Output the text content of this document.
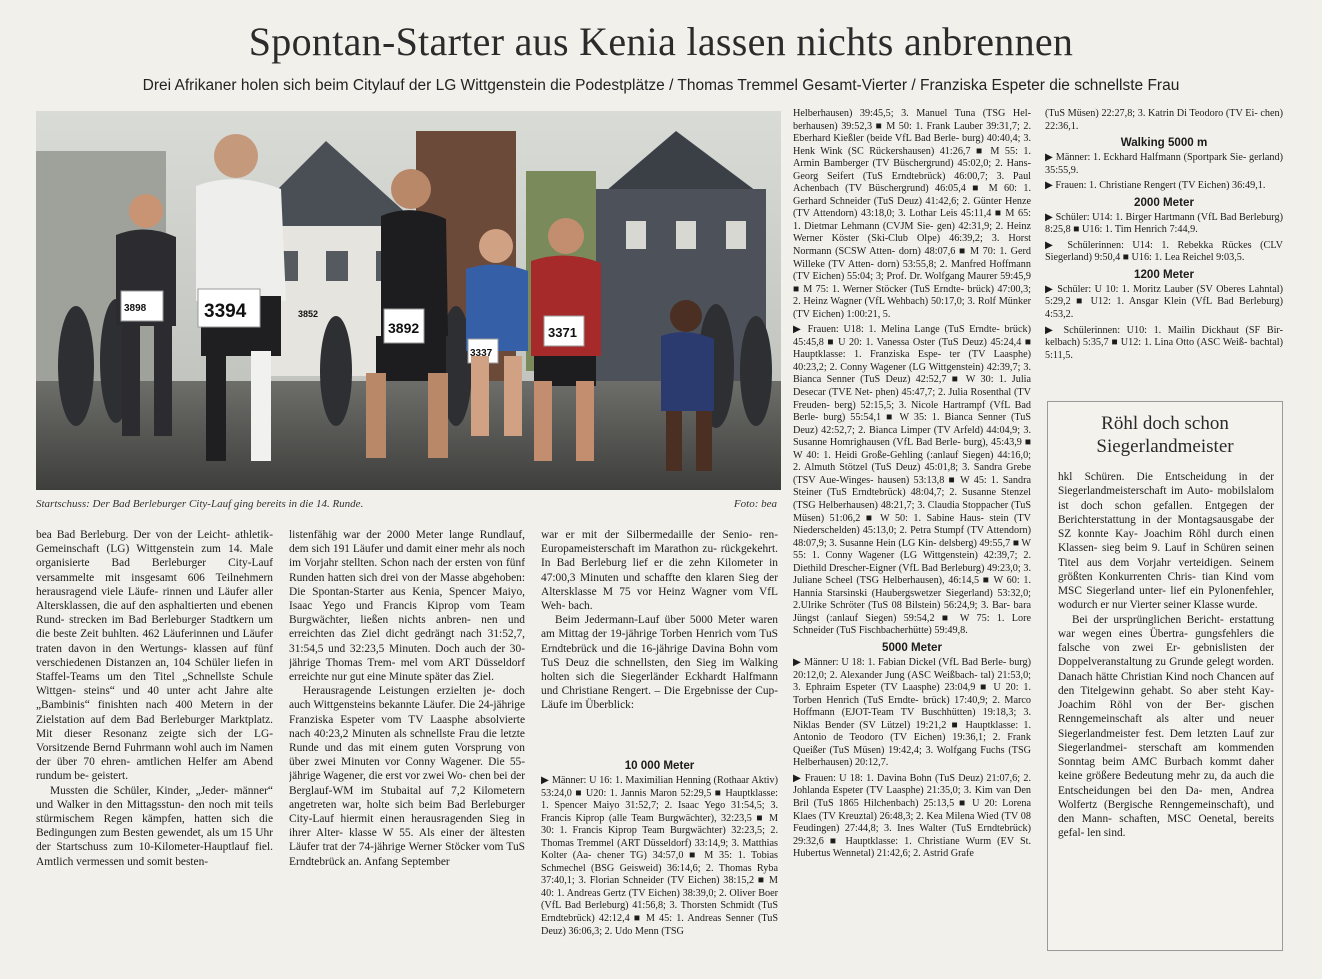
Spontan-Starter aus Kenia lassen nichts anbrennen
Drei Afrikaner holen sich beim Citylauf der LG Wittgenstein die Podestplätze / Thomas Tremmel Gesamt-Vierter / Franziska Espeter die schnellste Frau
3394
3892	3371
3337
3898	3852
Startschuss: Der Bad Berleburger City-Lauf ging bereits in die 14. Runde.	Foto: bea

bea Bad Berleburg. Der von der Leicht- athletik-Gemeinschaft (LG) Wittgenstein zum 14. Male organisierte Bad Berleburger City-Lauf versammelte mit insgesamt 606 Teilnehmern herausragend viele Läufe- rinnen und Läufer aller Altersklassen, die auf den asphaltierten und ebenen Rund- strecken im Bad Berleburger Stadtkern um die beste Zeit buhlten. 462 Läuferinnen und Läufer traten davon in den Wertungs- klassen auf fünf verschiedenen Distanzen an, 104 Schüler liefen in Staffel-Teams um den Titel „Schnellste Schule Wittgen- steins“ und 40 unter acht Jahre alte „Bambinis“ finishten nach 400 Metern in der Zielstation auf dem Bad Berleburger Marktplatz. Mit dieser Resonanz zeigte sich der LG-Vorsitzende Bernd Fuhrmann wohl auch im Namen der über 70 ehren- amtlichen Helfer am Abend rundum be- geistert.

Mussten die Schüler, Kinder, „Jeder- männer“ und Walker in den Mittagsstun- den noch mit teils stürmischem Regen kämpfen, hatten sich die Bedingungen zum Besten gewendet, als um 15 Uhr der Startschuss zum 10-Kilometer-Hauptlauf fiel. Amtlich vermessen und somit besten-

listenfähig war der 2000 Meter lange Rundlauf, dem sich 191 Läufer und damit einer mehr als noch im Vorjahr stellten. Schon nach der ersten von fünf Runden hatten sich drei von der Masse abgehoben: Die Spontan-Starter aus Kenia, Spencer Maiyo, Isaac Yego und Francis Kiprop vom Team Burgwächter, ließen nichts anbren- nen und erreichten das Ziel dicht gedrängt nach 31:52,7, 31:54,5 und 32:23,5 Minuten. Doch auch der 30-jährige Thomas Trem- mel vom ART Düsseldorf erreichte nur gut eine Minute später das Ziel.

Herausragende Leistungen erzielten je- doch auch Wittgensteins bekannte Läufer. Die 24-jährige Franziska Espeter vom TV Laasphe absolvierte nach 40:23,2 Minuten als schnellste Frau die letzte Runde und das mit einem guten Vorsprung von über zwei Minuten vor Conny Wagener. Die 55-jährige Wagener, die erst vor zwei Wo- chen bei der Berglauf-WM im Stubaital auf 7,2 Kilometern angetreten war, holte sich beim Bad Berleburger City-Lauf hiermit einen herausragenden Sieg in ihrer Alter- klasse W 55. Als einer der ältesten Läufer trat der 74-jährige Werner Stöcker vom TuS Erndtebrück an. Anfang September

war er mit der Silbermedaille der Senio- ren-Europameisterschaft im Marathon zu- rückgekehrt. In Bad Berleburg lief er die zehn Kilometer in 47:00,3 Minuten und schaffte den klaren Sieg der Altersklasse M 75 vor Heinz Wagner vom VfL Weh- bach.

Beim Jedermann-Lauf über 5000 Meter waren am Mittag der 19-jährige Torben Henrich vom TuS Erndtebrück und die 16-jährige Davina Bohn vom TuS Deuz die schnellsten, den Sieg im Walking holten sich die Siegerländer Eckhardt Halfmann und Christiane Rengert. – Die Ergebnisse der Cup-Läufe im Überblick:

10 000 Meter

▶ Männer: U 16: 1. Maximilian Henning (Rothaar Aktiv) 53:24,0 ■ U20: 1. Jannis Maron 52:29,5 ■ Hauptklasse: 1. Spencer Maiyo 31:52,7; 2. Isaac Yego 31:54,5; 3. Francis Kiprop (alle Team Burgwächter), 32:23,5 ■ M 30: 1. Francis Kiprop Team Burgwächter) 32:23,5; 2. Thomas Tremmel (ART Düsseldorf) 33:14,9; 3. Matthias Kolter (Aa- chener TG) 34:57,0 ■ M 35: 1. Tobias Schmechel (BSG Geisweid) 36:14,6; 2. Thomas Ryba 37:40,1; 3. Florian Schneider (TV Eichen) 38:15,2 ■ M 40: 1. Andreas Gertz (TV Eichen) 38:39,0; 2. Oliver Boer (VfL Bad Berleburg) 41:56,8; 3. Thorsten Schmidt (TuS Erndtebrück) 42:12,4 ■ M 45: 1. Andreas Senner (TuS Deuz) 36:06,3; 2. Udo Menn (TSG

Helberhausen) 39:45,5; 3. Manuel Tuna (TSG Hel- berhausen) 39:52,3 ■ M 50: 1. Frank Lauber 39:31,7; 2. Eberhard Kießler (beide VfL Bad Berle- burg) 40:40,4; 3. Henk Wink (SC Rückershausen) 41:26,7 ■ M 55: 1. Armin Bamberger (TV Büschergrund) 45:02,0; 2. Hans-Georg Seifert (TuS Erndtebrück) 46:00,7; 3. Paul Achenbach (TV Büschergrund) 46:05,4 ■ M 60: 1. Gerhard Schneider (TuS Deuz) 41:42,6; 2. Günter Henze (TV Attendorn) 43:18,0; 3. Lothar Leis 45:11,4 ■ M 65: 1. Dietmar Lehmann (CVJM Sie- gen) 42:31,9; 2. Heinz Werner Köster (Ski-Club Olpe) 46:39,2; 3. Horst Normann (SCSW Atten- dorn) 48:07,6 ■ M 70: 1. Gerd Willeke (TV Atten- dorn) 53:55,8; 2. Manfred Hoffmann (TV Eichen) 55:04; 3; Prof. Dr. Wolfgang Maurer 59:45,9 ■ M 75: 1. Werner Stöcker (TuS Erndte- brück) 47:00,3; 2. Heinz Wagner (VfL Wehbach) 50:17,0; 3. Rolf Münker (TV Eichen) 1:00:21, 5.

▶ Frauen: U18: 1. Melina Lange (TuS Erndte- brück) 45:45,8 ■ U 20: 1. Vanessa Oster (TuS Deuz) 45:24,4 ■ Hauptklasse: 1. Franziska Espe- ter (TV Laasphe) 40:23,2; 2. Conny Wagener (LG Wittgenstein) 42:39,7; 3. Bianca Senner (TuS Deuz) 42:52,7 ■ W 30: 1. Julia Desecar (TVE Net- phen) 45:47,7; 2. Julia Rosenthal (TV Freuden- berg) 52:15,5; 3. Nicole Hartrampf (VfL Bad Berle- burg) 55:54,1 ■ W 35: 1. Bianca Senner (TuS Deuz) 42:52,7; 2. Bianca Limper (TV Arfeld) 44:04,9; 3. Susanne Homrighausen (VfL Bad Berle- burg), 45:43,9 ■ W 40: 1. Heidi Große-Gehling (:anlauf Siegen) 44:16,0; 2. Almuth Stötzel (TuS Deuz) 45:01,8; 3. Sandra Grebe (TSV Aue-Winges- hausen) 53:13,8 ■ W 45: 1. Sandra Steiner (TuS Erndtebrück) 48:04,7; 2. Susanne Stenzel (TSG Helberhausen) 48:21,7; 3. Claudia Stoppacher (TuS Müsen) 51:06,2 ■ W 50: 1. Sabine Haus- stein (TV Niederschelden) 45:13,0; 2. Petra Stumpf (TV Attendorn) 48:07,9; 3. Susanne Hein (LG Kin- delsberg) 49:55,7 ■ W 55: 1. Conny Wagener (LG Wittgenstein) 42:39,7; 2. Diethild Drescher-Eigner (VfL Bad Berleburg) 49:23,0; 3. Juliane Scheel (TSG Helberhausen), 46:14,5 ■ W 60: 1. Hannia Starsinski (Haubergswetzer Siegerland) 53:32,0; 2.Ulrike Schröter (TuS 08 Bilstein) 56:24,9; 3. Bar- bara Jüngst (:anlauf Siegen) 59:54,2 ■ W 75: 1. Lore Schneider (TuS Fischbacherhütte) 59:49,8.

5000 Meter

▶ Männer: U 18: 1. Fabian Dickel (VfL Bad Berle- burg) 20:12,0; 2. Alexander Jung (ASC Weißbach- tal) 21:53,0; 3. Ephraim Espeter (TV Laasphe) 23:04,9 ■ U 20: 1. Torben Henrich (TuS Erndte- brück) 17:40,9; 2. Marco Hoffmann (EJOT-Team TV Buschhütten) 19:18,3; 3. Niklas Bender (SV Lützel) 19:21,2 ■ Hauptklasse: 1. Antonio de Teodoro (TV Eichen) 19:36,1; 2. Frank Queißer (TuS Müsen) 19:42,4; 3. Wolfgang Fuchs (TSG Helberhausen) 20:12,7.

▶ Frauen: U 18: 1. Davina Bohn (TuS Deuz) 21:07,6; 2. Johlanda Espeter (TV Laasphe) 21:35,0; 3. Kim van Den Bril (TuS 1865 Hilchenbach) 25:13,5 ■ U 20: Lorena Klaes (TV Kreuztal) 26:48,3; 2. Kea Milena Wied (TV 08 Feudingen) 27:44,8; 3. Ines Walter (TuS Erndtebrück) 29:32,6 ■ Hauptklasse: 1. Christiane Wurm (EV St. Hubertus Wennetal) 21:42,6; 2. Astrid Grafe

(TuS Müsen) 22:27,8; 3. Katrin Di Teodoro (TV Ei- chen) 22:36,1.

Walking 5000 m

▶ Männer: 1. Eckhard Halfmann (Sportpark Sie- gerland) 35:55,9.

▶ Frauen: 1. Christiane Rengert (TV Eichen) 36:49,1.

2000 Meter

▶ Schüler: U14: 1. Birger Hartmann (VfL Bad Berleburg) 8:25,8 ■ U16: 1. Tim Henrich 7:44,9.

▶ Schülerinnen: U14: 1. Rebekka Rückes (CLV Siegerland) 9:50,4 ■ U16: 1. Lea Reichel 9:03,5.

1200 Meter

▶ Schüler: U 10: 1. Moritz Lauber (SV Oberes Lahntal) 5:29,2 ■ U12: 1. Ansgar Klein (VfL Bad Berleburg) 4:53,2.

▶ Schülerinnen: U10: 1. Mailin Dickhaut (SF Bir- kelbach) 5:35,7 ■ U12: 1. Lina Otto (ASC Weiß- bachtal) 5:11,5.

Röhl doch schon Siegerlandmeister

hkl Schüren. Die Entscheidung in der Siegerlandmeisterschaft im Auto- mobilslalom ist doch schon gefallen. Entgegen der Berichterstattung in der Montagsausgabe der SZ konnte Kay- Joachim Röhl durch einen Klassen- sieg beim 9. Lauf in Schüren seinen Titel aus dem Vorjahr verteidigen. Seinem größten Konkurrenten Chris- tian Kind vom MSC Siegerland unter- lief ein Pylonenfehler, wodurch er nur Vierter seiner Klasse wurde.

Bei der ursprünglichen Bericht- erstattung war wegen eines Übertra- gungsfehlers die falsche von zwei Er- gebnislisten der Doppelveranstaltung zu Grunde gelegt worden. Danach hätte Christian Kind noch Chancen auf den Titelgewinn gehabt. So aber steht Kay-Joachim Röhl von der Ber- gischen Renngemeinschaft als alter und neuer Siegerlandmeister fest. Dem letzten Lauf zur Siegerlandmei- sterschaft am kommenden Sonntag beim AMC Burbach kommt daher keine größere Bedeutung mehr zu, da auch die Entscheidungen bei den Da- men, Andrea Wolfertz (Bergische Renngemeinschaft), und den Mann- schaften, MSC Oenetal, bereits gefal- len sind.
